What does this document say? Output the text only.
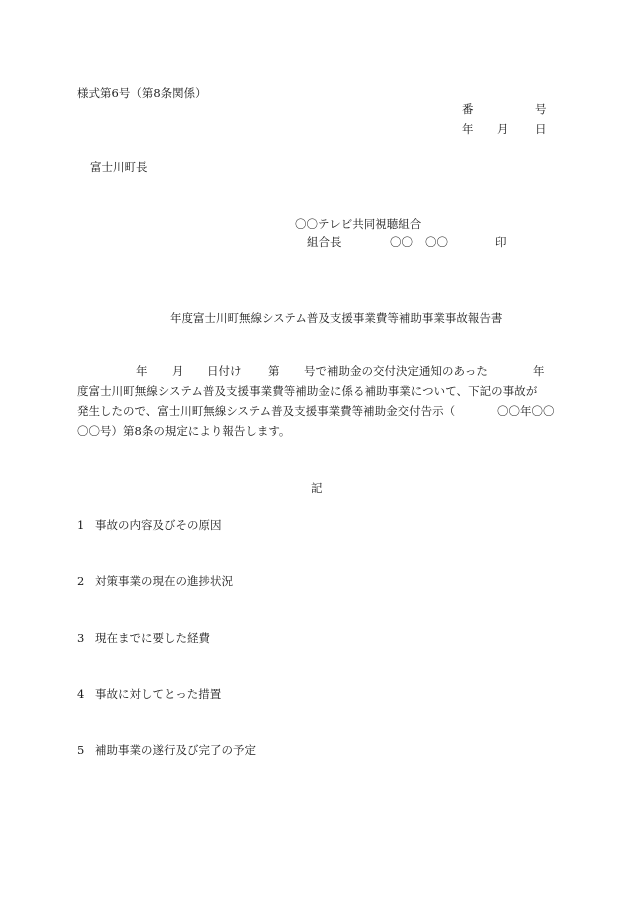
様式第6号（第8条関係）
番	号
年 月 日
富士川町長
〇〇テレビ共同視聴組合
組合長	〇〇 〇〇	印
年度富士川町無線システム普及支援事業費等補助事業事故報告書
年 月 日付け 第 号で補助金の交付決定通知のあった	年
度富士川町無線システム普及支援事業費等補助金に係る補助事業について、下記の事故が
発生したので、富士川町無線システム普及支援事業費等補助金交付告示（	〇〇年〇〇
〇〇号）第8条の規定により報告します。
記
1 事故の内容及びその原因
2 対策事業の現在の進捗状況
3 現在までに要した経費
4 事故に対してとった措置
5 補助事業の遂行及び完了の予定
